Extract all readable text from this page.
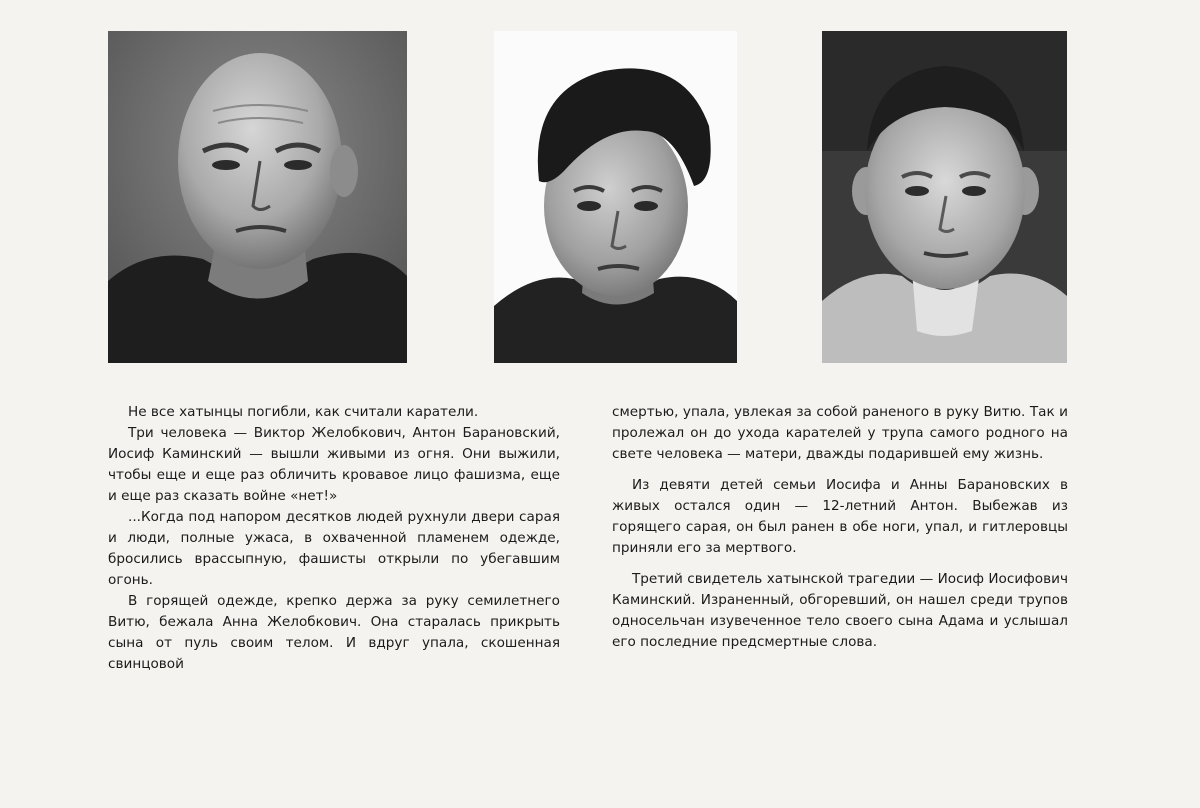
Не все хатынцы погибли, как считали каратели.

Три человека — Виктор Желобкович, Антон Барановский, Иосиф Каминский — вышли живыми из огня. Они выжили, чтобы еще и еще раз обличить кровавое лицо фашизма, еще и еще раз сказать войне «нет!»

...Когда под напором десятков людей рухнули двери сарая и люди, полные ужаса, в охваченной пламенем одежде, бросились врассыпную, фашисты открыли по убегавшим огонь.

В горящей одежде, крепко держа за руку семилетнего Витю, бежала Анна Желобкович. Она старалась прикрыть сына от пуль своим телом. И вдруг упала, скошенная свинцовой

смертью, упала, увлекая за собой раненого в руку Витю. Так и пролежал он до ухода карателей у трупа самого родного на свете человека — матери, дважды подарившей ему жизнь.

Из девяти детей семьи Иосифа и Анны Барановских в живых остался один — 12-летний Антон. Выбежав из горящего сарая, он был ранен в обе ноги, упал, и гитлеровцы приняли его за мертвого.

Третий свидетель хатынской трагедии — Иосиф Иосифович Каминский. Израненный, обгоревший, он нашел среди трупов односельчан изувеченное тело своего сына Адама и услышал его последние предсмертные слова.
